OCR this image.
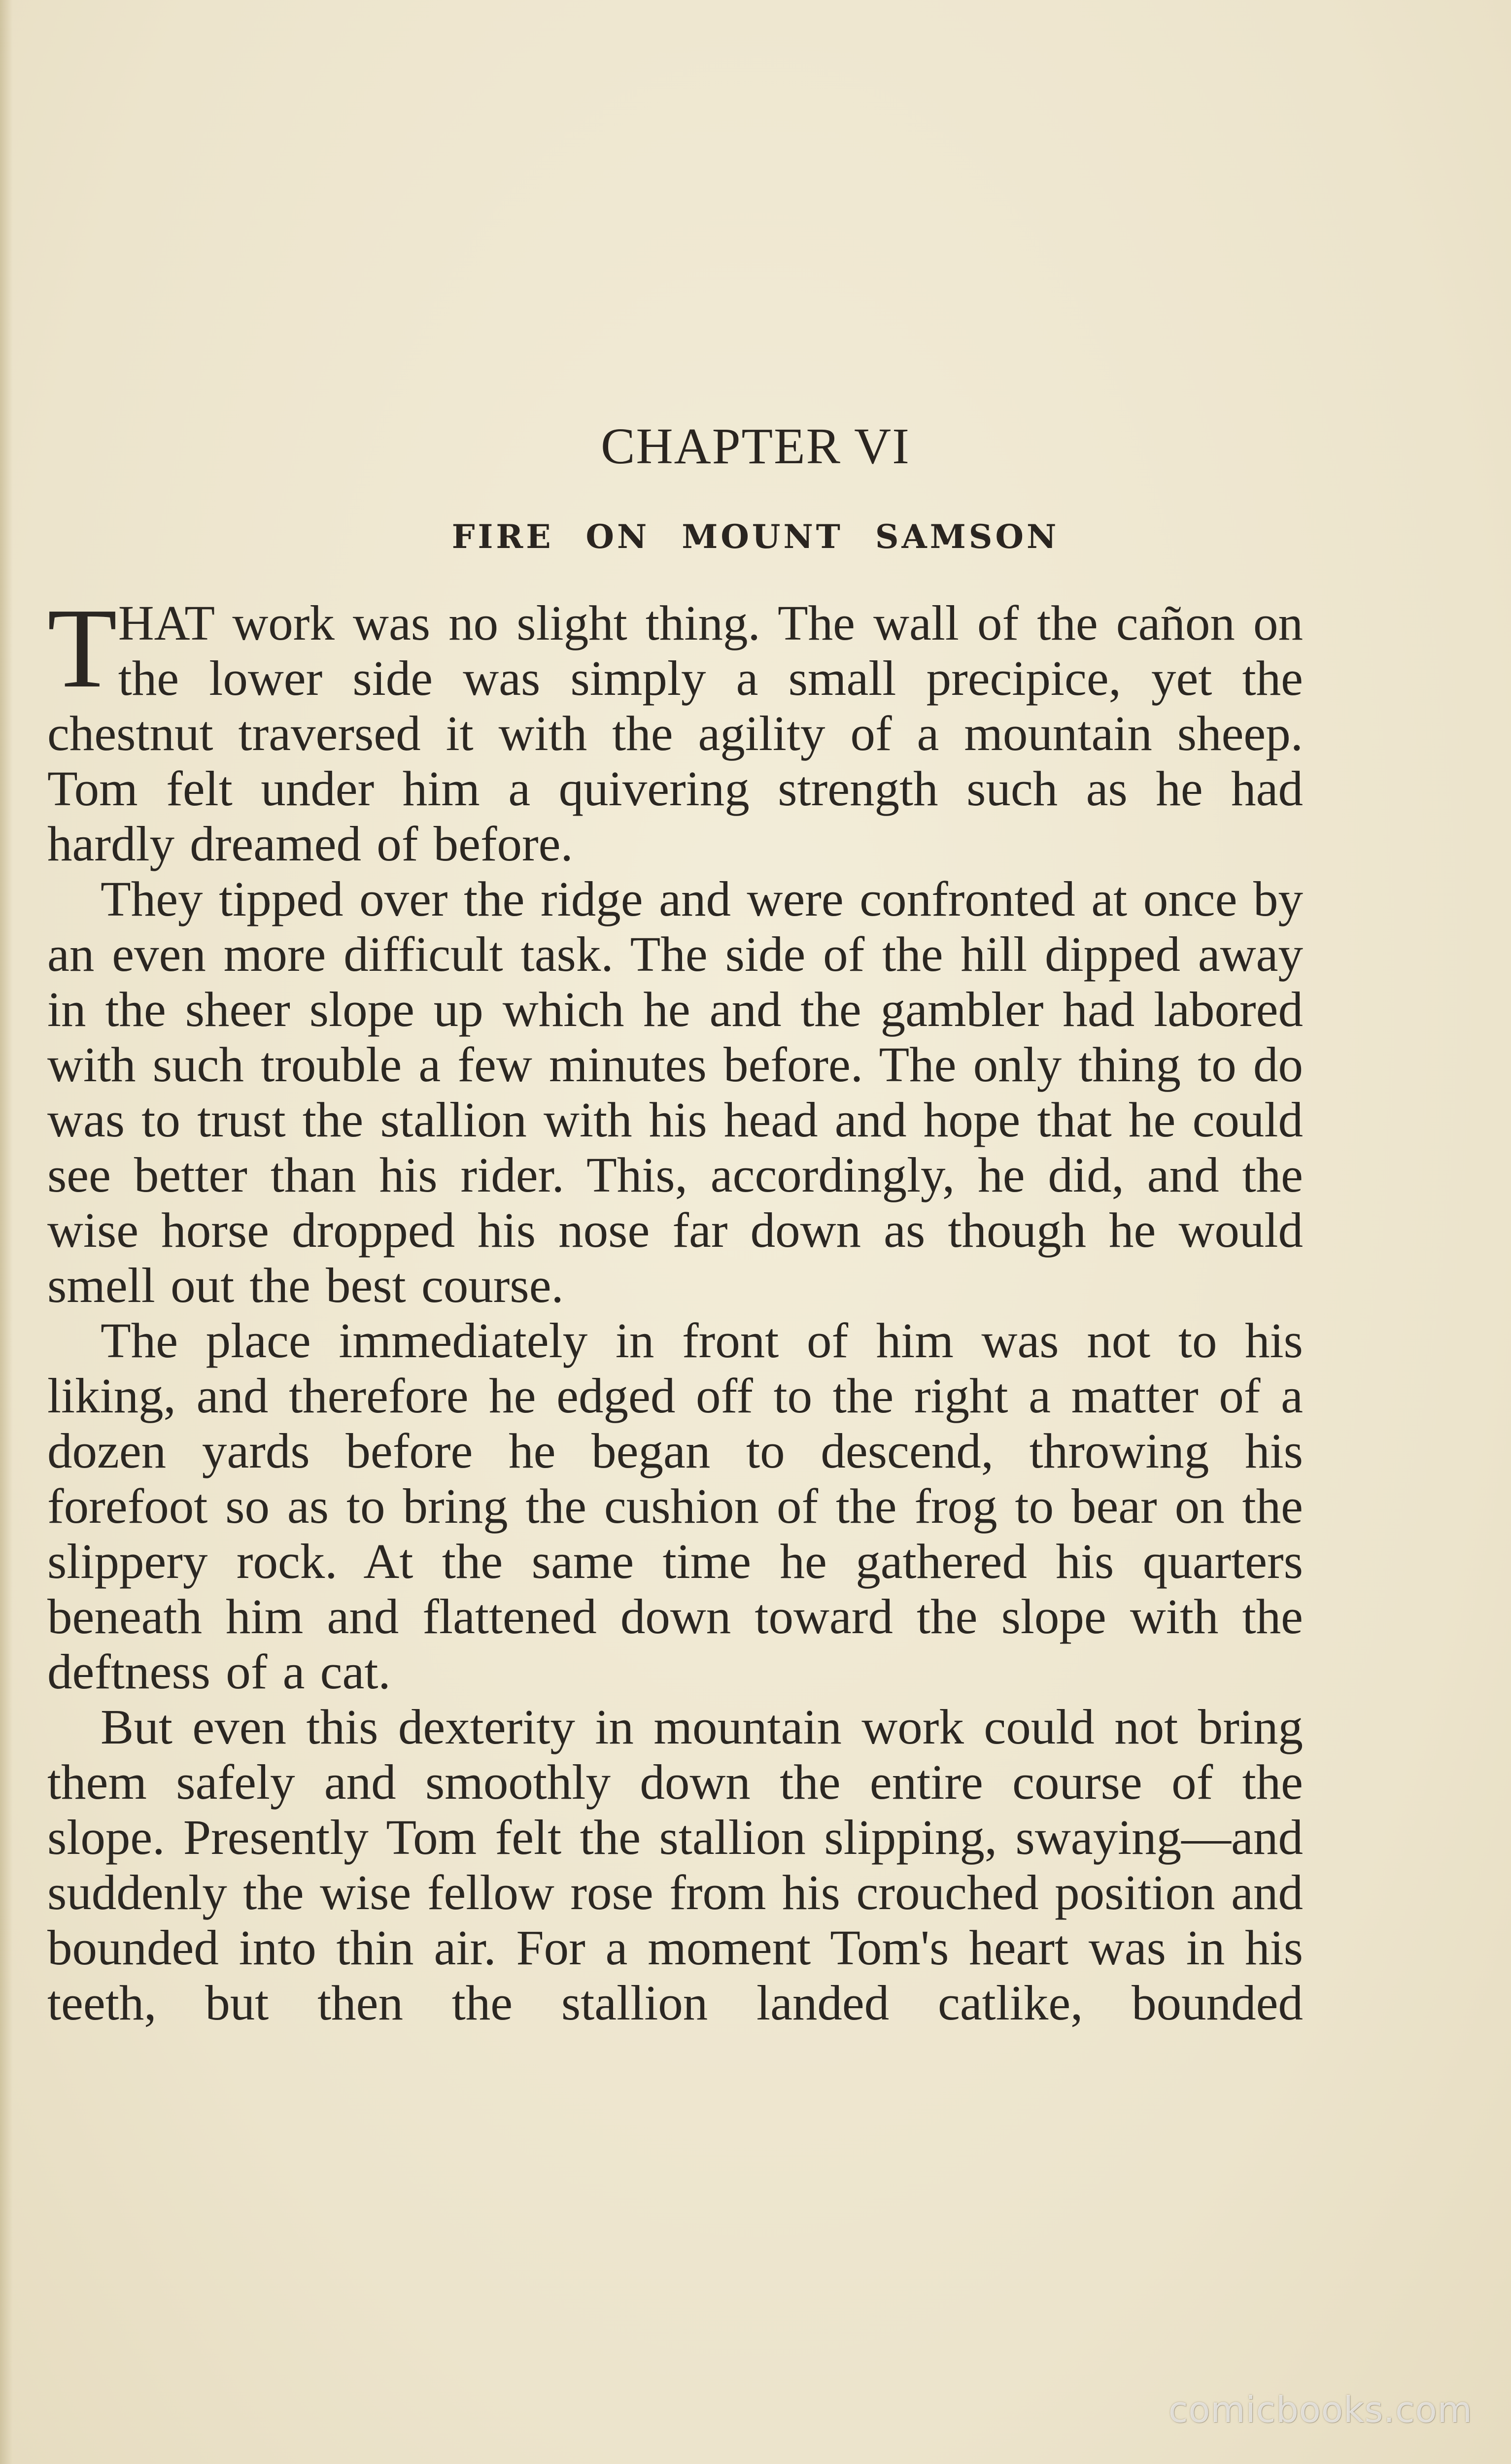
CHAPTER VI
FIRE ON MOUNT SAMSON

THAT work was no slight thing. The wall of the cañon on the lower side was simply a small precipice, yet the chestnut traversed it with the agility of a mountain sheep. Tom felt under him a quivering strength such as he had hardly dreamed of before.

They tipped over the ridge and were confronted at once by an even more difficult task. The side of the hill dipped away in the sheer slope up which he and the gambler had labored with such trouble a few minutes before. The only thing to do was to trust the stallion with his head and hope that he could see better than his rider. This, accordingly, he did, and the wise horse dropped his nose far down as though he would smell out the best course.

The place immediately in front of him was not to his liking, and therefore he edged off to the right a matter of a dozen yards before he began to descend, throwing his forefoot so as to bring the cushion of the frog to bear on the slippery rock. At the same time he gathered his quarters beneath him and flattened down toward the slope with the deftness of a cat.

But even this dexterity in mountain work could not bring them safely and smoothly down the entire course of the slope. Presently Tom felt the stallion slipping, swaying—and suddenly the wise fellow rose from his crouched position and bounded into thin air. For a moment Tom's heart was in his teeth, but then the stallion landed catlike, bounded

comicbooks.com
